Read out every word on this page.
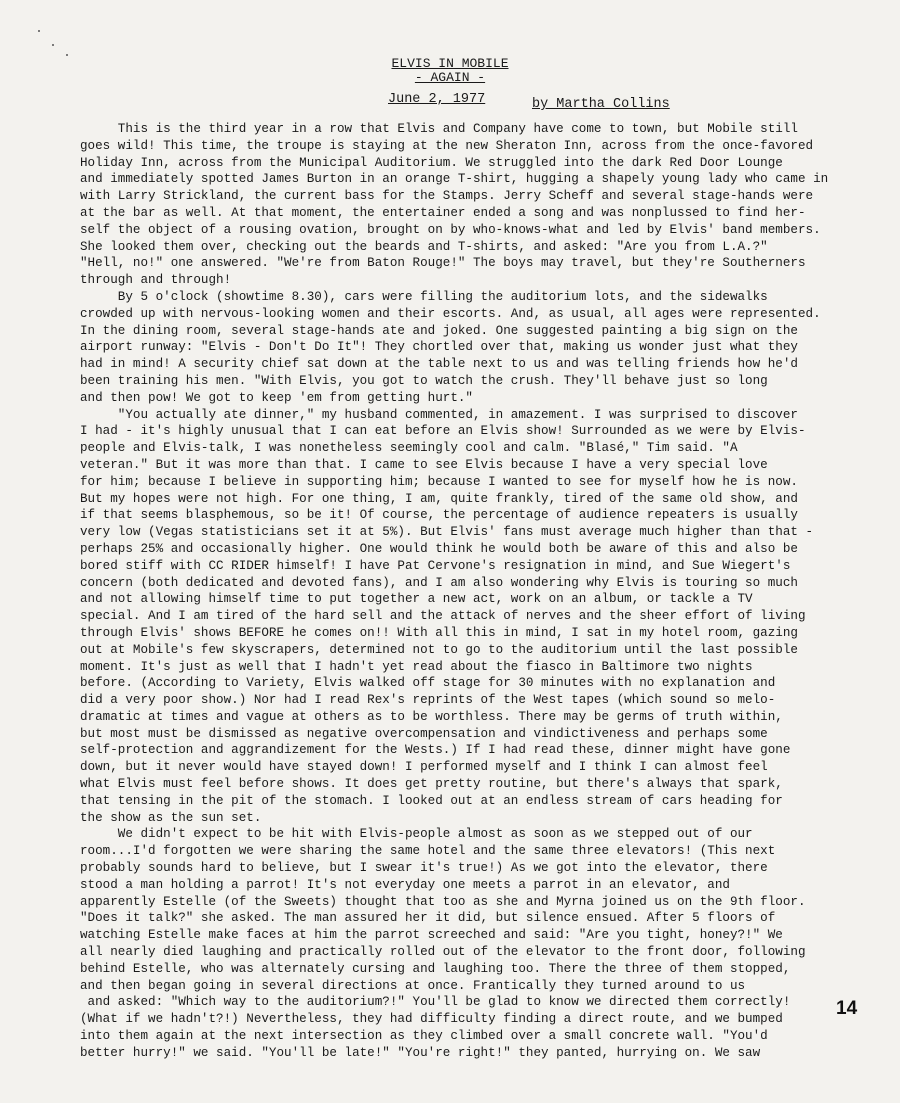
ELVIS IN MOBILE
- AGAIN -
June 2, 1977	by Martha Collins
This is the third year in a row that Elvis and Company have come to town, but Mobile still
goes wild! This time, the troupe is staying at the new Sheraton Inn, across from the once-favored
Holiday Inn, across from the Municipal Auditorium. We struggled into the dark Red Door Lounge
and immediately spotted James Burton in an orange T-shirt, hugging a shapely young lady who came in
with Larry Strickland, the current bass for the Stamps. Jerry Scheff and several stage-hands were
at the bar as well. At that moment, the entertainer ended a song and was nonplussed to find her-
self the object of a rousing ovation, brought on by who-knows-what and led by Elvis' band members.
She looked them over, checking out the beards and T-shirts, and asked: "Are you from L.A.?"
"Hell, no!" one answered. "We're from Baton Rouge!" The boys may travel, but they're Southerners
through and through!
By 5 o'clock (showtime 8.30), cars were filling the auditorium lots, and the sidewalks
crowded up with nervous-looking women and their escorts. And, as usual, all ages were represented.
In the dining room, several stage-hands ate and joked. One suggested painting a big sign on the
airport runway: "Elvis - Don't Do It"! They chortled over that, making us wonder just what they
had in mind! A security chief sat down at the table next to us and was telling friends how he'd
been training his men. "With Elvis, you got to watch the crush. They'll behave just so long
and then pow! We got to keep 'em from getting hurt."
"You actually ate dinner," my husband commented, in amazement. I was surprised to discover
I had - it's highly unusual that I can eat before an Elvis show! Surrounded as we were by Elvis-
people and Elvis-talk, I was nonetheless seemingly cool and calm. "Blasé," Tim said. "A
veteran." But it was more than that. I came to see Elvis because I have a very special love
for him; because I believe in supporting him; because I wanted to see for myself how he is now.
But my hopes were not high. For one thing, I am, quite frankly, tired of the same old show, and
if that seems blasphemous, so be it! Of course, the percentage of audience repeaters is usually
very low (Vegas statisticians set it at 5%). But Elvis' fans must average much higher than that -
perhaps 25% and occasionally higher. One would think he would both be aware of this and also be
bored stiff with CC RIDER himself! I have Pat Cervone's resignation in mind, and Sue Wiegert's
concern (both dedicated and devoted fans), and I am also wondering why Elvis is touring so much
and not allowing himself time to put together a new act, work on an album, or tackle a TV
special. And I am tired of the hard sell and the attack of nerves and the sheer effort of living
through Elvis' shows BEFORE he comes on!! With all this in mind, I sat in my hotel room, gazing
out at Mobile's few skyscrapers, determined not to go to the auditorium until the last possible
moment. It's just as well that I hadn't yet read about the fiasco in Baltimore two nights
before. (According to Variety, Elvis walked off stage for 30 minutes with no explanation and
did a very poor show.) Nor had I read Rex's reprints of the West tapes (which sound so melo-
dramatic at times and vague at others as to be worthless. There may be germs of truth within,
but most must be dismissed as negative overcompensation and vindictiveness and perhaps some
self-protection and aggrandizement for the Wests.) If I had read these, dinner might have gone
down, but it never would have stayed down! I performed myself and I think I can almost feel
what Elvis must feel before shows. It does get pretty routine, but there's always that spark,
that tensing in the pit of the stomach. I looked out at an endless stream of cars heading for
the show as the sun set.
We didn't expect to be hit with Elvis-people almost as soon as we stepped out of our
room...I'd forgotten we were sharing the same hotel and the same three elevators! (This next
probably sounds hard to believe, but I swear it's true!) As we got into the elevator, there
stood a man holding a parrot! It's not everyday one meets a parrot in an elevator, and
apparently Estelle (of the Sweets) thought that too as she and Myrna joined us on the 9th floor.
"Does it talk?" she asked. The man assured her it did, but silence ensued. After 5 floors of
watching Estelle make faces at him the parrot screeched and said: "Are you tight, honey?!" We
all nearly died laughing and practically rolled out of the elevator to the front door, following
behind Estelle, who was alternately cursing and laughing too. There the three of them stopped,
and then began going in several directions at once. Frantically they turned around to us
and asked: "Which way to the auditorium?!" You'll be glad to know we directed them correctly!
(What if we hadn't?!) Nevertheless, they had difficulty finding a direct route, and we bumped
into them again at the next intersection as they climbed over a small concrete wall. "You'd
better hurry!" we said. "You'll be late!" "You're right!" they panted, hurrying on. We saw
14
